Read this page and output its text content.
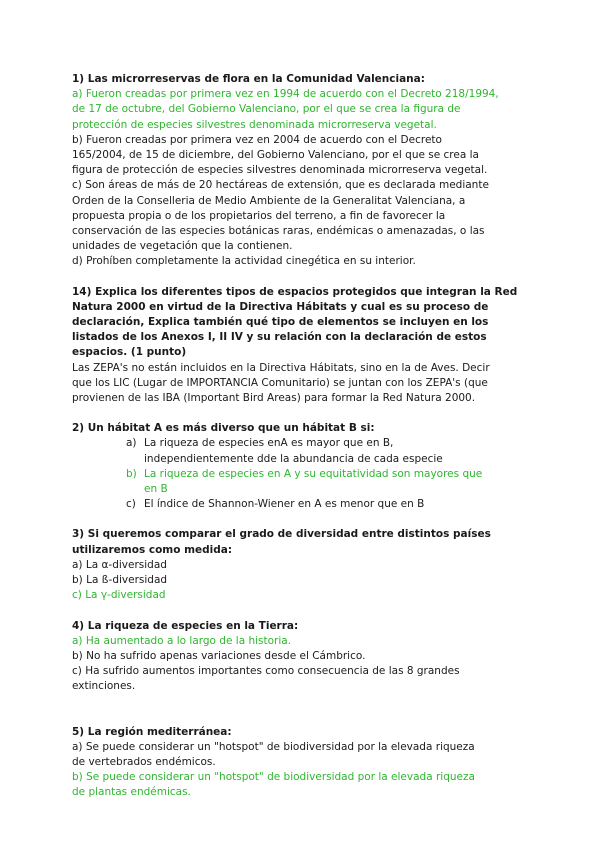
1) Las microrreservas de flora en la Comunidad Valenciana:
a) Fueron creadas por primera vez en 1994 de acuerdo con el Decreto 218/1994,
de 17 de octubre, del Gobierno Valenciano, por el que se crea la figura de
protección de especies silvestres denominada microrreserva vegetal.
b) Fueron creadas por primera vez en 2004 de acuerdo con el Decreto
165/2004, de 15 de diciembre, del Gobierno Valenciano, por el que se crea la
figura de protección de especies silvestres denominada microrreserva vegetal.
c) Son áreas de más de 20 hectáreas de extensión, que es declarada mediante
Orden de la Conselleria de Medio Ambiente de la Generalitat Valenciana, a
propuesta propia o de los propietarios del terreno, a fin de favorecer la
conservación de las especies botánicas raras, endémicas o amenazadas, o las
unidades de vegetación que la contienen.
d) Prohíben completamente la actividad cinegética en su interior.
14) Explica los diferentes tipos de espacios protegidos que integran la Red
Natura 2000 en virtud de la Directiva Hábitats y cual es su proceso de
declaración, Explica también qué tipo de elementos se incluyen en los
listados de los Anexos I, II IV y su relación con la declaración de estos
espacios. (1 punto)
Las ZEPA's no están incluidos en la Directiva Hábitats, sino en la de Aves. Decir
que los LIC (Lugar de IMPORTANCIA Comunitario) se juntan con los ZEPA's (que
provienen de las IBA (Important Bird Areas) para formar la Red Natura 2000.
2) Un hábitat A es más diverso que un hábitat B si:
a) La riqueza de especies enA es mayor que en B,
independientemente dde la abundancia de cada especie
b) La riqueza de especies en A y su equitatividad son mayores que
en B
c) El índice de Shannon-Wiener en A es menor que en B
3) Si queremos comparar el grado de diversidad entre distintos países
utilizaremos como medida:
a) La α-diversidad
b) La ß-diversidad
c) La γ-diversidad
4) La riqueza de especies en la Tierra:
a) Ha aumentado a lo largo de la historia.
b) No ha sufrido apenas variaciones desde el Cámbrico.
c) Ha sufrido aumentos importantes como consecuencia de las 8 grandes
extinciones.
5) La región mediterránea:
a) Se puede considerar un "hotspot" de biodiversidad por la elevada riqueza
de vertebrados endémicos.
b) Se puede considerar un "hotspot" de biodiversidad por la elevada riqueza
de plantas endémicas.
